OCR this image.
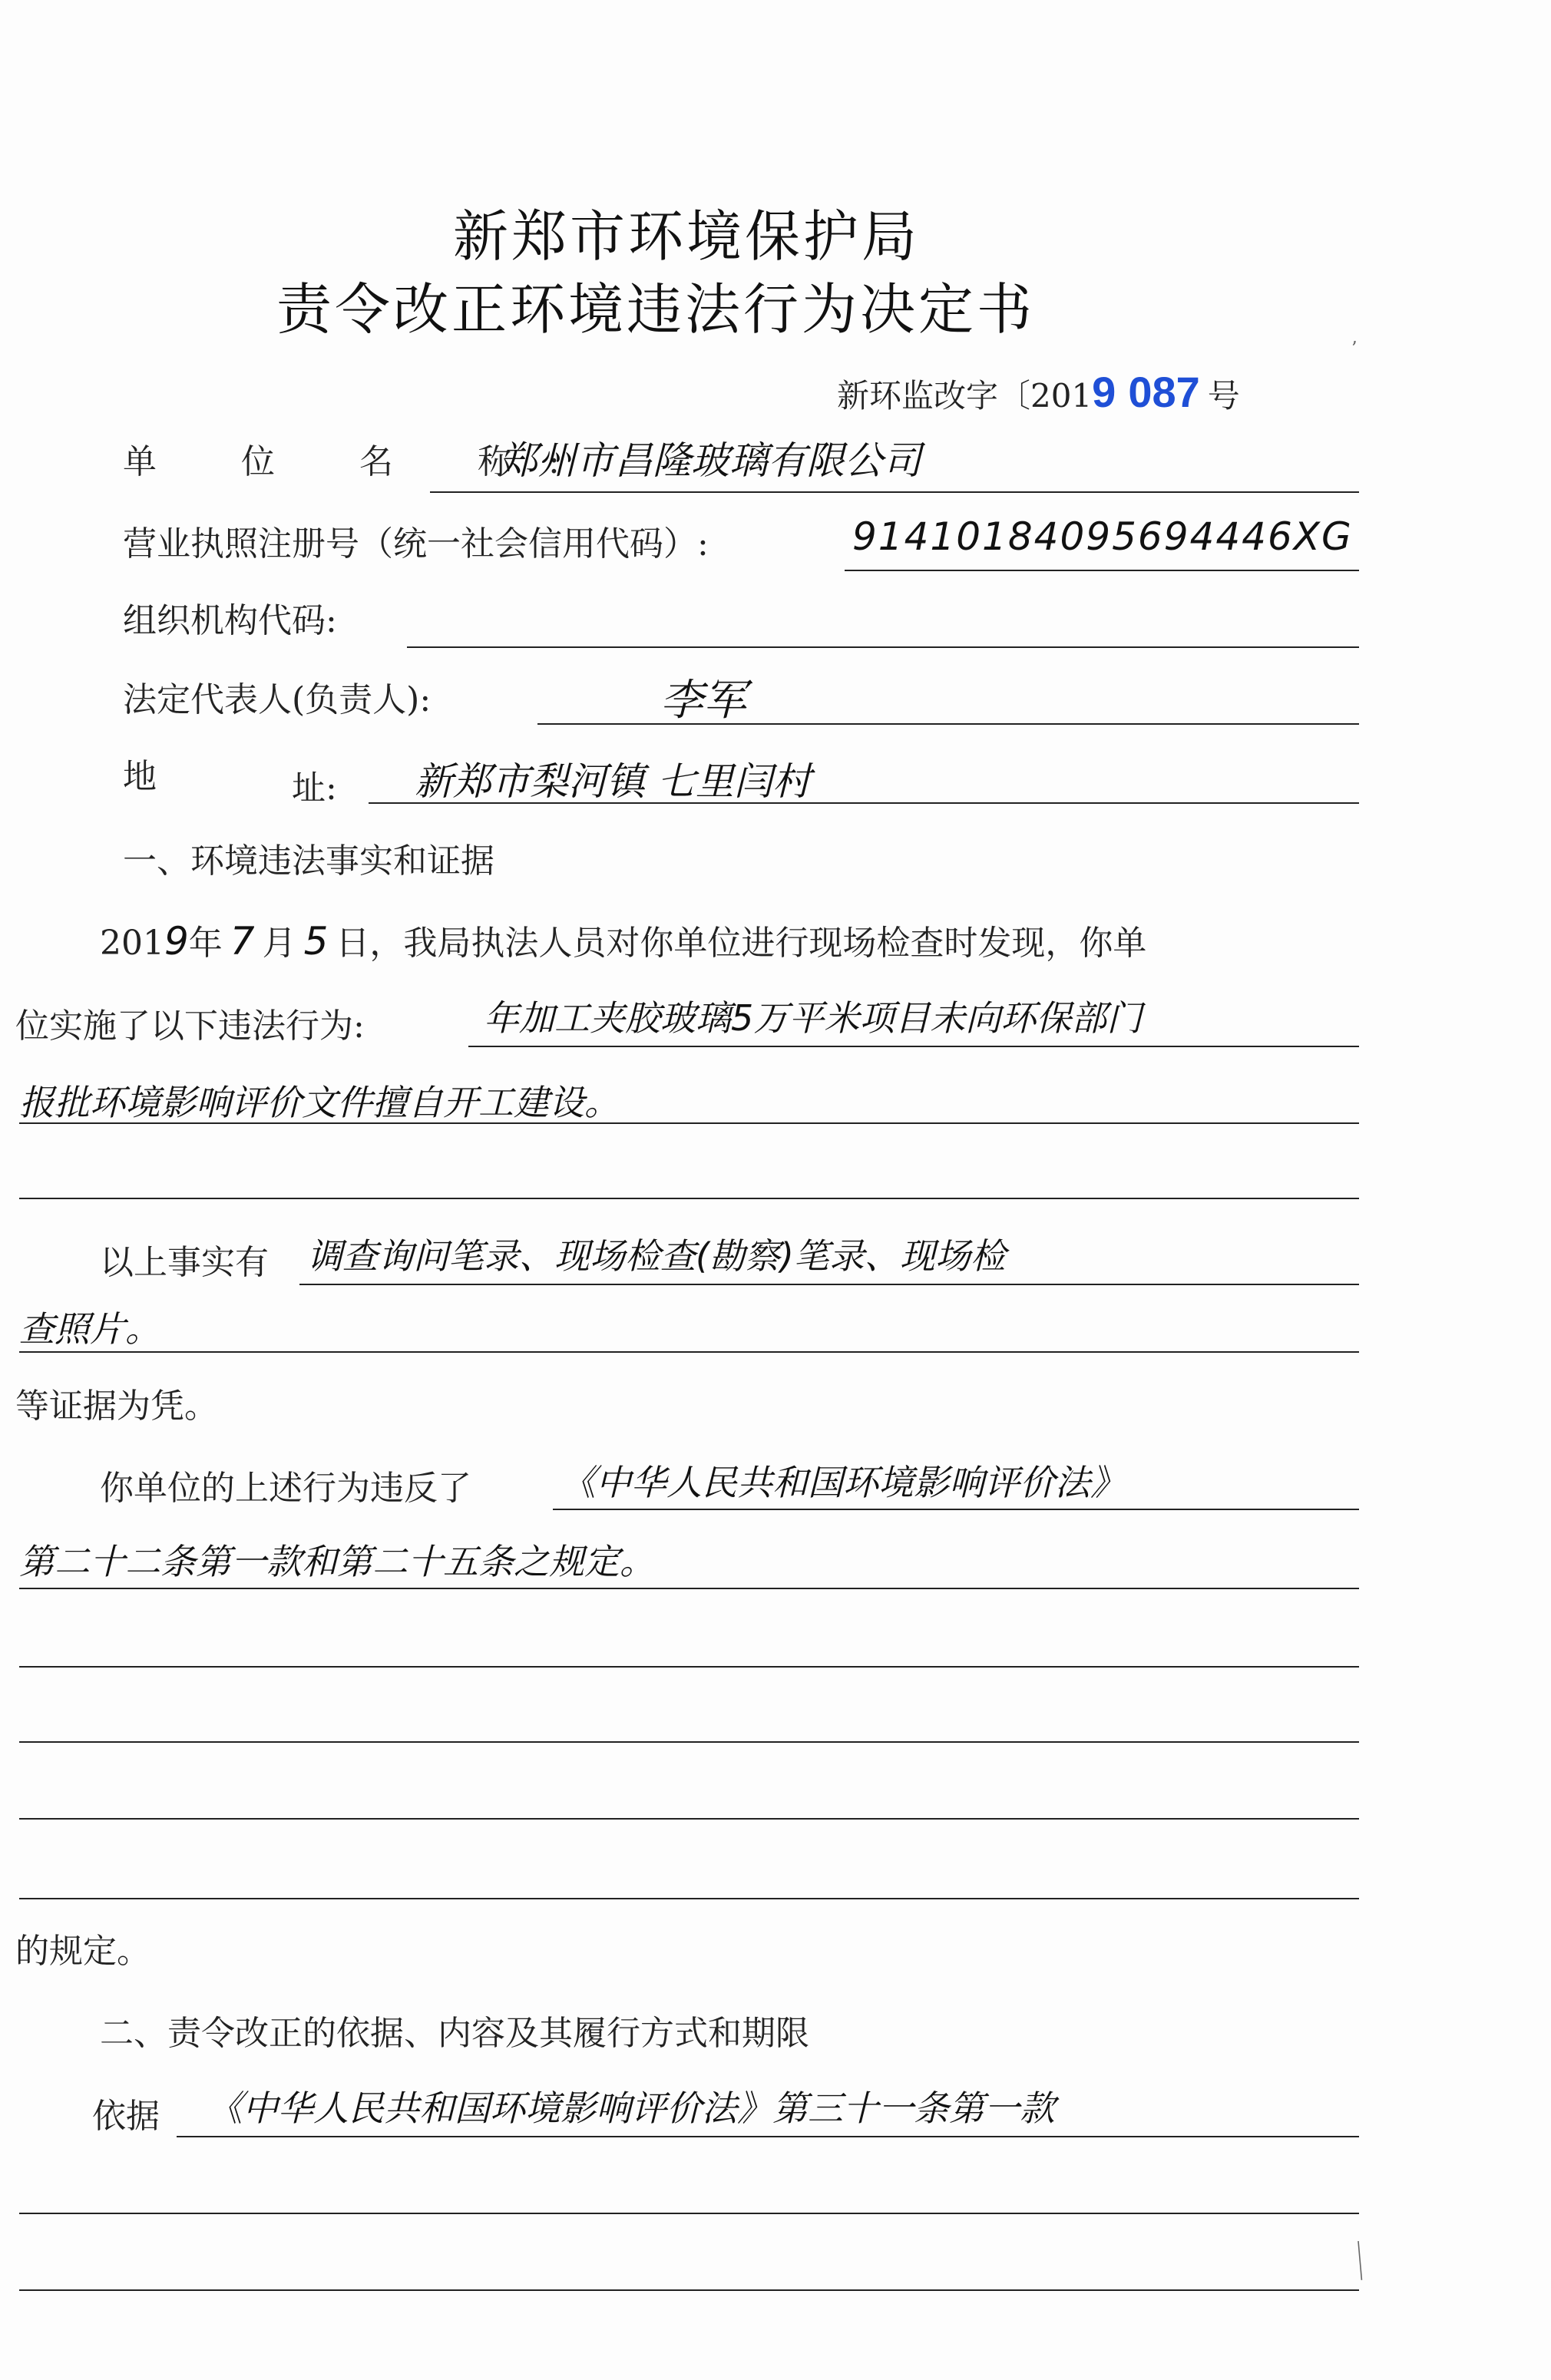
新郑市环境保护局
责令改正环境违法行为决定书
新环监改字〔2019 087 号
单 位 名 称:
郑州市昌隆玻璃有限公司
营业执照注册号（统一社会信用代码）:	91410184095694446XG
组织机构代码:
法定代表人(负责人):	李军
地	址: 新郑市梨河镇 七里闫村
一、环境违法事实和证据
2019年 7 月 5 日，我局执法人员对你单位进行现场检查时发现，你单
位实施了以下违法行为:	年加工夹胶玻璃5万平米项目未向环保部门
报批环境影响评价文件擅自开工建设。
以上事实有 调查询问笔录、现场检查(勘察)笔录、现场检
查照片。
等证据为凭。
你单位的上述行为违反了	《中华人民共和国环境影响评价法》
第二十二条第一款和第二十五条之规定。
的规定。
二、责令改正的依据、内容及其履行方式和期限
依据 《中华人民共和国环境影响评价法》第三十一条第一款
＼
’
